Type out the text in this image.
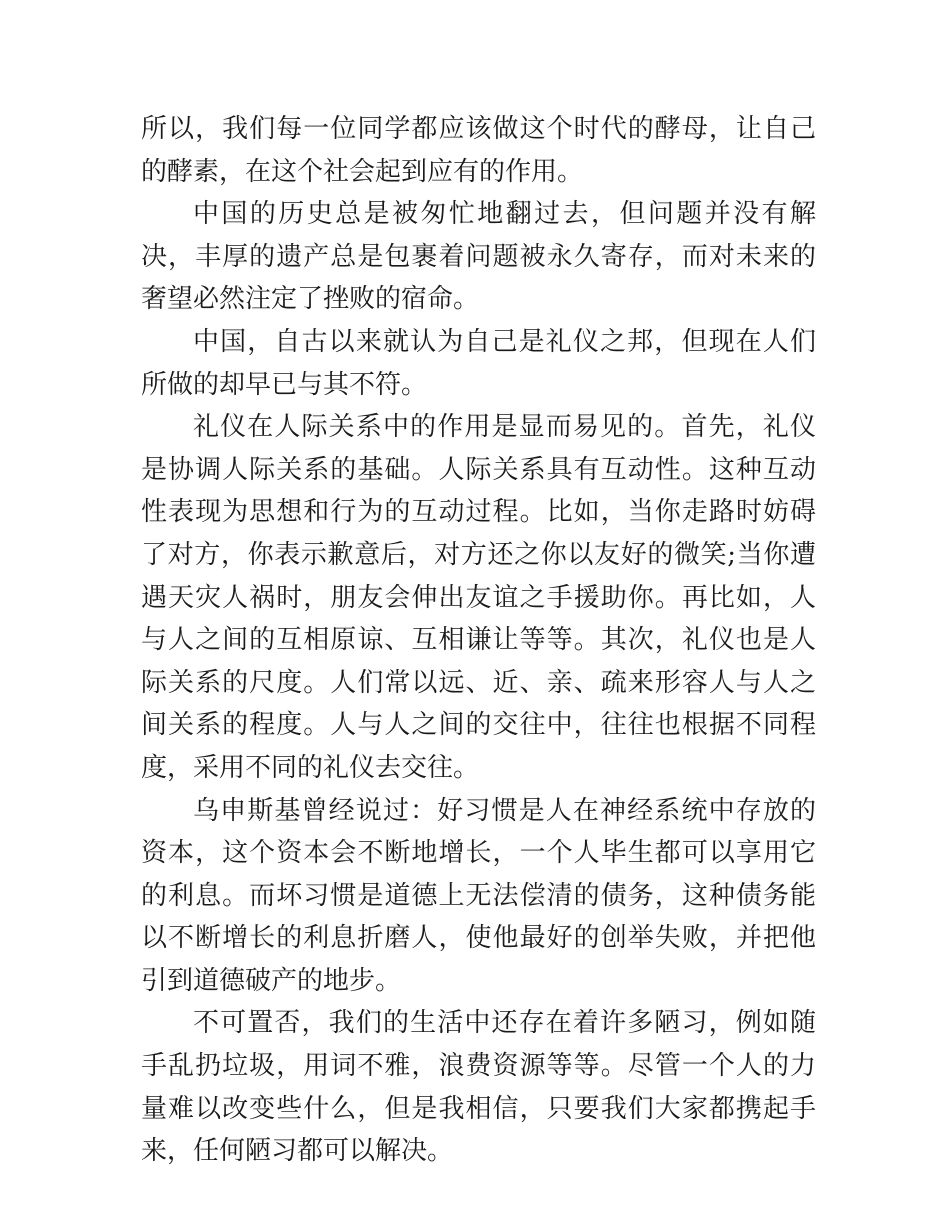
所以，我们每一位同学都应该做这个时代的酵母，让自己的酵素，在这个社会起到应有的作用。

中国的历史总是被匆忙地翻过去，但问题并没有解决，丰厚的遗产总是包裹着问题被永久寄存，而对未来的奢望必然注定了挫败的宿命。

中国，自古以来就认为自己是礼仪之邦，但现在人们所做的却早已与其不符。

礼仪在人际关系中的作用是显而易见的。首先，礼仪是协调人际关系的基础。人际关系具有互动性。这种互动性表现为思想和行为的互动过程。比如，当你走路时妨碍了对方，你表示歉意后，对方还之你以友好的微笑;当你遭遇天灾人祸时，朋友会伸出友谊之手援助你。再比如，人与人之间的互相原谅、互相谦让等等。其次，礼仪也是人际关系的尺度。人们常以远、近、亲、疏来形容人与人之间关系的程度。人与人之间的交往中，往往也根据不同程度，采用不同的礼仪去交往。

乌申斯基曾经说过：好习惯是人在神经系统中存放的资本，这个资本会不断地增长，一个人毕生都可以享用它的利息。而坏习惯是道德上无法偿清的债务，这种债务能以不断增长的利息折磨人，使他最好的创举失败，并把他引到道德破产的地步。

不可置否，我们的生活中还存在着许多陋习，例如随手乱扔垃圾，用词不雅，浪费资源等等。尽管一个人的力量难以改变些什么，但是我相信，只要我们大家都携起手来，任何陋习都可以解决。
